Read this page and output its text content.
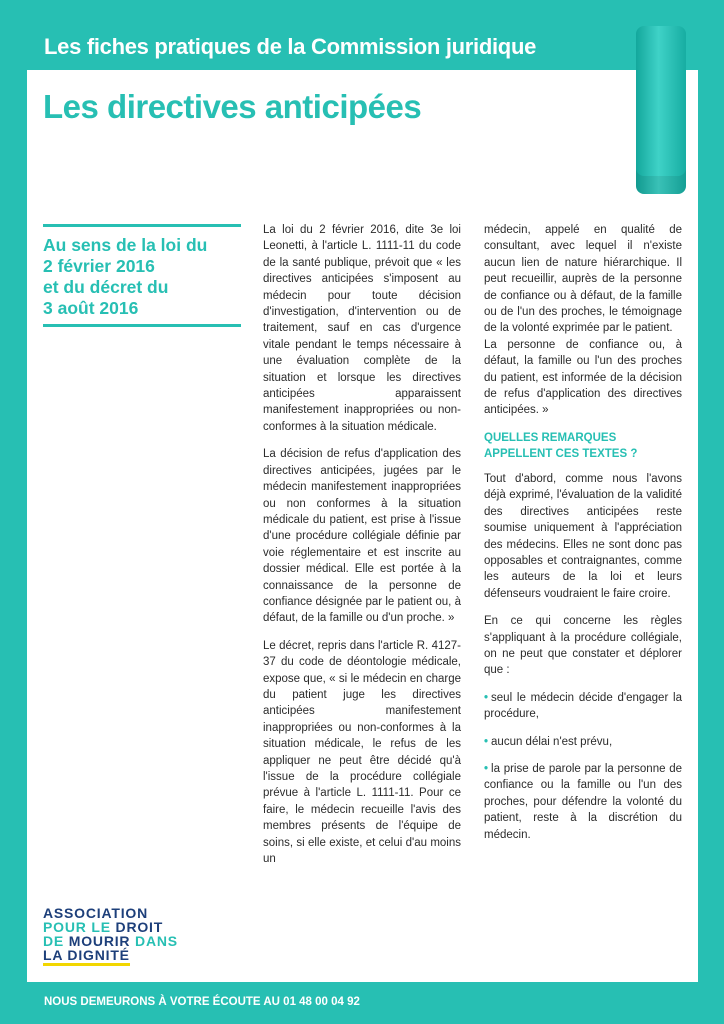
Les fiches pratiques de la Commission juridique
Les directives anticipées

Au sens de la loi du

2 février 2016

et du décret du

3 août 2016

La loi du 2 février 2016, dite 3e loi Leonetti, à l'article L. 1111-11 du code de la santé publique, prévoit que « les directives anticipées s'imposent au médecin pour toute décision d'investigation, d'intervention ou de traitement, sauf en cas d'urgence vitale pendant le temps nécessaire à une évaluation complète de la situation et lorsque les directives anticipées apparaissent manifestement inappropriées ou non-conformes à la situation médicale.

La décision de refus d'application des directives anticipées, jugées par le médecin manifestement inappropriées ou non conformes à la situation médicale du patient, est prise à l'issue d'une procédure collégiale définie par voie réglementaire et est inscrite au dossier médical. Elle est portée à la connaissance de la personne de confiance désignée par le patient ou, à défaut, de la famille ou d'un proche. »

Le décret, repris dans l'article R. 4127-37 du code de déontologie médicale, expose que, « si le médecin en charge du patient juge les directives anticipées manifestement inappropriées ou non-conformes à la situation médicale, le refus de les appliquer ne peut être décidé qu'à l'issue de la procédure collégiale prévue à l'article L. 1111-11. Pour ce faire, le médecin recueille l'avis des membres présents de l'équipe de soins, si elle existe, et celui d'au moins un

médecin, appelé en qualité de consultant, avec lequel il n'existe aucun lien de nature hiérarchique. Il peut recueillir, auprès de la personne de confiance ou à défaut, de la famille ou de l'un des proches, le témoignage de la volonté exprimée par le patient.

La personne de confiance ou, à défaut, la famille ou l'un des proches du patient, est informée de la décision de refus d'application des directives anticipées. »

QUELLES REMARQUES APPELLENT CES TEXTES ?

Tout d'abord, comme nous l'avons déjà exprimé, l'évaluation de la validité des directives anticipées reste soumise uniquement à l'appréciation des médecins. Elles ne sont donc pas opposables et contraignantes, comme les auteurs de la loi et leurs défenseurs voudraient le faire croire.

En ce qui concerne les règles s'appliquant à la procédure collégiale, on ne peut que constater et déplorer que :

• seul le médecin décide d'engager la procédure,

• aucun délai n'est prévu,

• la prise de parole par la personne de confiance ou la famille ou l'un des proches, pour défendre la volonté du patient, reste à la discrétion du médecin.

ASSOCIATION
POUR LE DROIT
DE MOURIR DANS
LA DIGNITÉ
NOUS DEMEURONS À VOTRE ÉCOUTE AU 01 48 00 04 92
